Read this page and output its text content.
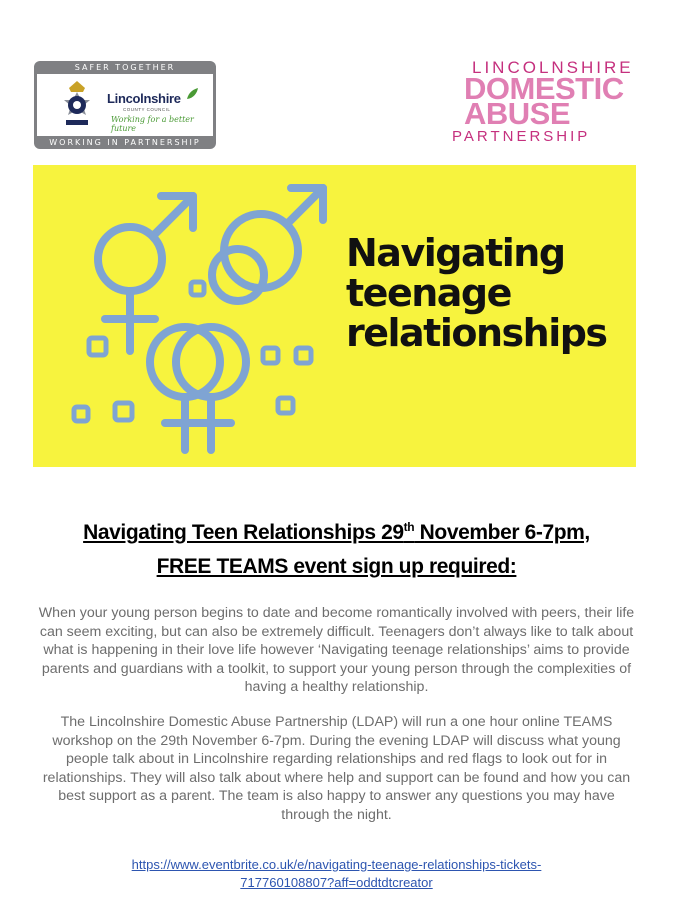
SAFER TOGETHER
Lincolnshire
COUNTY COUNCIL
Working for a better future
WORKING IN PARTNERSHIP
LINCOLNSHIRE
DOMESTIC
ABUSE
PARTNERSHIP
Navigating
teenage
relationships
Navigating Teen Relationships 29th November 6-7pm,
FREE TEAMS event sign up required:
When your young person begins to date and become romantically involved with peers, their life can seem exciting, but can also be extremely difficult. Teenagers don’t always like to talk about what is happening in their love life however ‘Navigating teenage relationships’ aims to provide parents and guardians with a toolkit, to support your young person through the complexities of having a healthy relationship.
The Lincolnshire Domestic Abuse Partnership (LDAP) will run a one hour online TEAMS workshop on the 29th November 6-7pm. During the evening LDAP will discuss what young people talk about in Lincolnshire regarding relationships and red flags to look out for in relationships. They will also talk about where help and support can be found and how you can best support as a parent. The team is also happy to answer any questions you may have through the night.
https://www.eventbrite.co.uk/e/navigating-teenage-relationships-tickets-
717760108807?aff=oddtdtcreator
